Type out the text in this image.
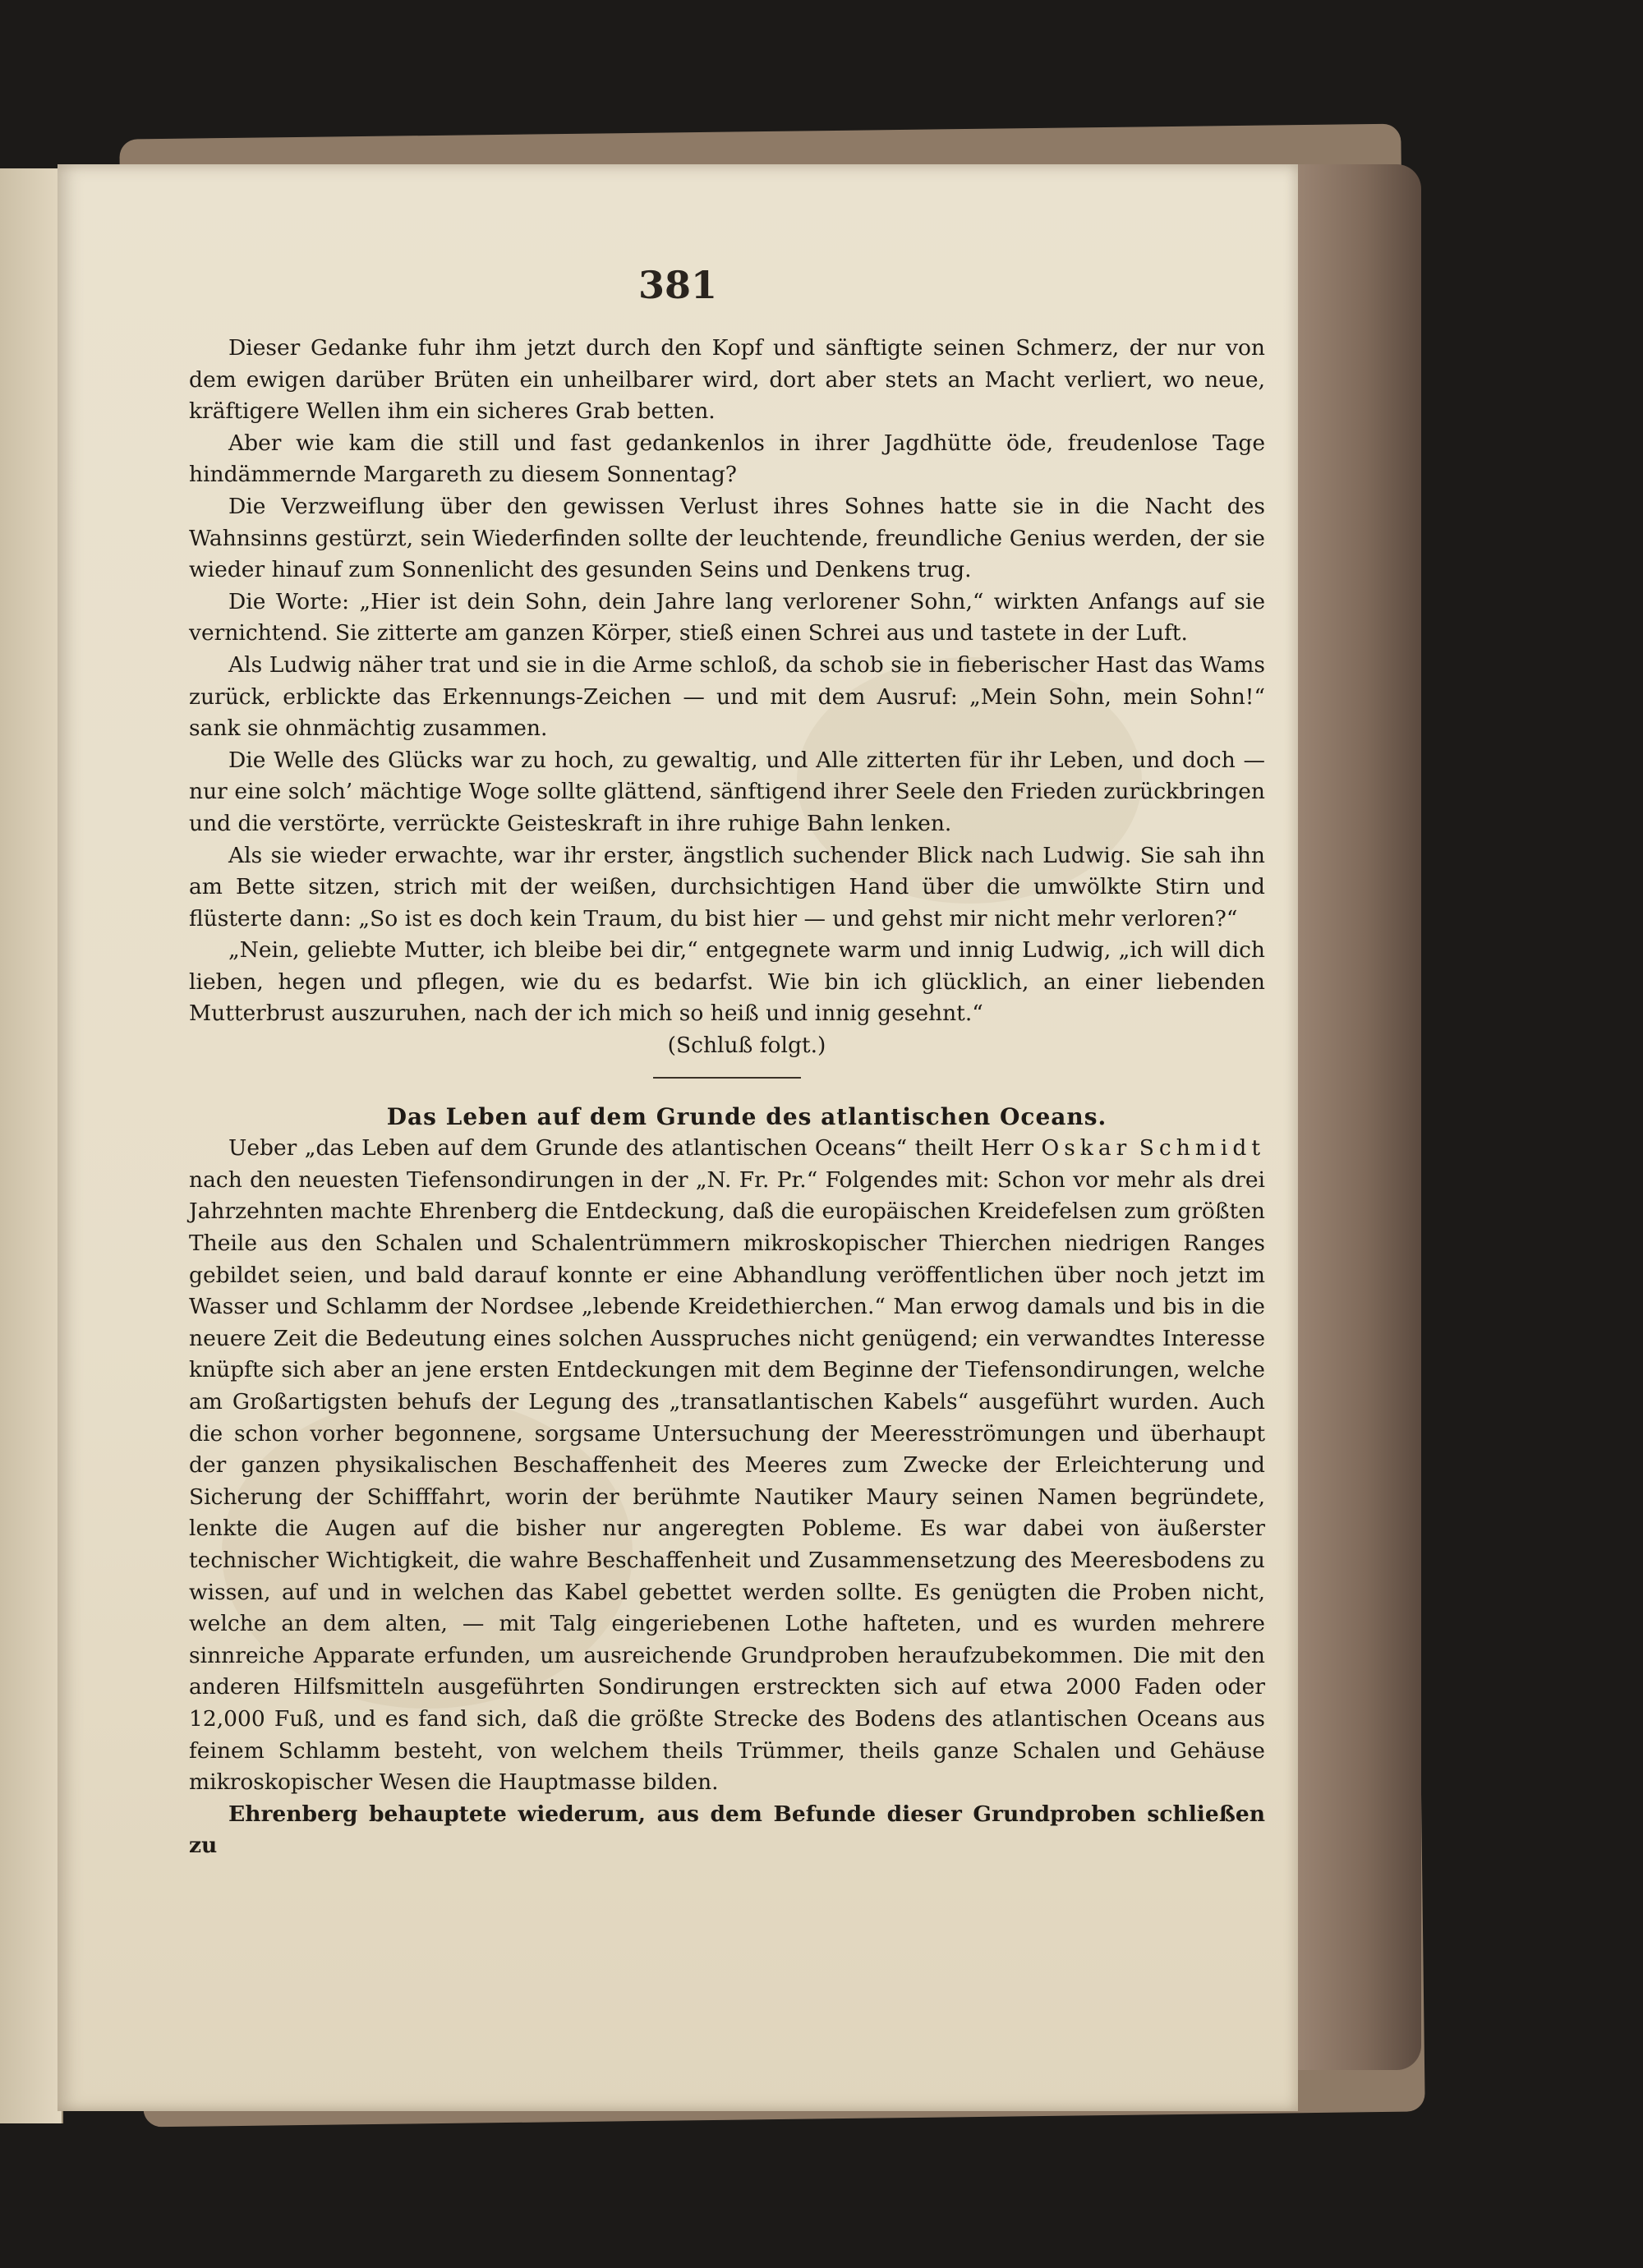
381

Dieser Gedanke fuhr ihm jetzt durch den Kopf und sänftigte seinen Schmerz, der nur von dem ewigen darüber Brüten ein unheilbarer wird, dort aber stets an Macht verliert, wo neue, kräftigere Wellen ihm ein sicheres Grab betten.

Aber wie kam die still und fast gedankenlos in ihrer Jagdhütte öde, freudenlose Tage hindämmernde Margareth zu diesem Sonnentag?

Die Verzweiflung über den gewissen Verlust ihres Sohnes hatte sie in die Nacht des Wahnsinns gestürzt, sein Wiederfinden sollte der leuchtende, freundliche Genius werden, der sie wieder hinauf zum Sonnenlicht des gesunden Seins und Denkens trug.

Die Worte: „Hier ist dein Sohn, dein Jahre lang verlorener Sohn,“ wirkten Anfangs auf sie vernichtend. Sie zitterte am ganzen Körper, stieß einen Schrei aus und tastete in der Luft.

Als Ludwig näher trat und sie in die Arme schloß, da schob sie in fieberischer Hast das Wams zurück, erblickte das Erkennungs-Zeichen — und mit dem Ausruf: „Mein Sohn, mein Sohn!“ sank sie ohnmächtig zusammen.

Die Welle des Glücks war zu hoch, zu gewaltig, und Alle zitterten für ihr Leben, und doch — nur eine solch’ mächtige Woge sollte glättend, sänftigend ihrer Seele den Frieden zurückbringen und die verstörte, verrückte Geisteskraft in ihre ruhige Bahn lenken.

Als sie wieder erwachte, war ihr erster, ängstlich suchender Blick nach Ludwig. Sie sah ihn am Bette sitzen, strich mit der weißen, durchsichtigen Hand über die umwölkte Stirn und flüsterte dann: „So ist es doch kein Traum, du bist hier — und gehst mir nicht mehr verloren?“

„Nein, geliebte Mutter, ich bleibe bei dir,“ entgegnete warm und innig Ludwig, „ich will dich lieben, hegen und pflegen, wie du es bedarfst. Wie bin ich glücklich, an einer liebenden Mutterbrust auszuruhen, nach der ich mich so heiß und innig gesehnt.“

(Schluß folgt.)

Das Leben auf dem Grunde des atlantischen Oceans.

Ueber „das Leben auf dem Grunde des atlantischen Oceans“ theilt Herr Oskar Schmidt nach den neuesten Tiefensondirungen in der „N. Fr. Pr.“ Folgendes mit: Schon vor mehr als drei Jahrzehnten machte Ehrenberg die Entdeckung, daß die europäischen Kreidefelsen zum größten Theile aus den Schalen und Schalentrümmern mikroskopischer Thierchen niedrigen Ranges gebildet seien, und bald darauf konnte er eine Abhandlung veröffentlichen über noch jetzt im Wasser und Schlamm der Nordsee „lebende Kreidethierchen.“ Man erwog damals und bis in die neuere Zeit die Bedeutung eines solchen Ausspruches nicht genügend; ein verwandtes Interesse knüpfte sich aber an jene ersten Entdeckungen mit dem Beginne der Tiefensondirungen, welche am Großartigsten behufs der Legung des „transatlantischen Kabels“ ausgeführt wurden. Auch die schon vorher begonnene, sorgsame Untersuchung der Meeresströmungen und überhaupt der ganzen physikalischen Beschaffenheit des Meeres zum Zwecke der Erleichterung und Sicherung der Schifffahrt, worin der berühmte Nautiker Maury seinen Namen begründete, lenkte die Augen auf die bisher nur angeregten Pobleme. Es war dabei von äußerster technischer Wichtigkeit, die wahre Beschaffenheit und Zusammensetzung des Meeresbodens zu wissen, auf und in welchen das Kabel gebettet werden sollte. Es genügten die Proben nicht, welche an dem alten, — mit Talg eingeriebenen Lothe hafteten, und es wurden mehrere sinnreiche Apparate erfunden, um ausreichende Grundproben heraufzubekommen. Die mit den anderen Hilfsmitteln ausgeführten Sondirungen erstreckten sich auf etwa 2000 Faden oder 12,000 Fuß, und es fand sich, daß die größte Strecke des Bodens des atlantischen Oceans aus feinem Schlamm besteht, von welchem theils Trümmer, theils ganze Schalen und Gehäuse mikroskopischer Wesen die Hauptmasse bilden.

Ehrenberg behauptete wiederum, aus dem Befunde dieser Grundproben schließen zu
